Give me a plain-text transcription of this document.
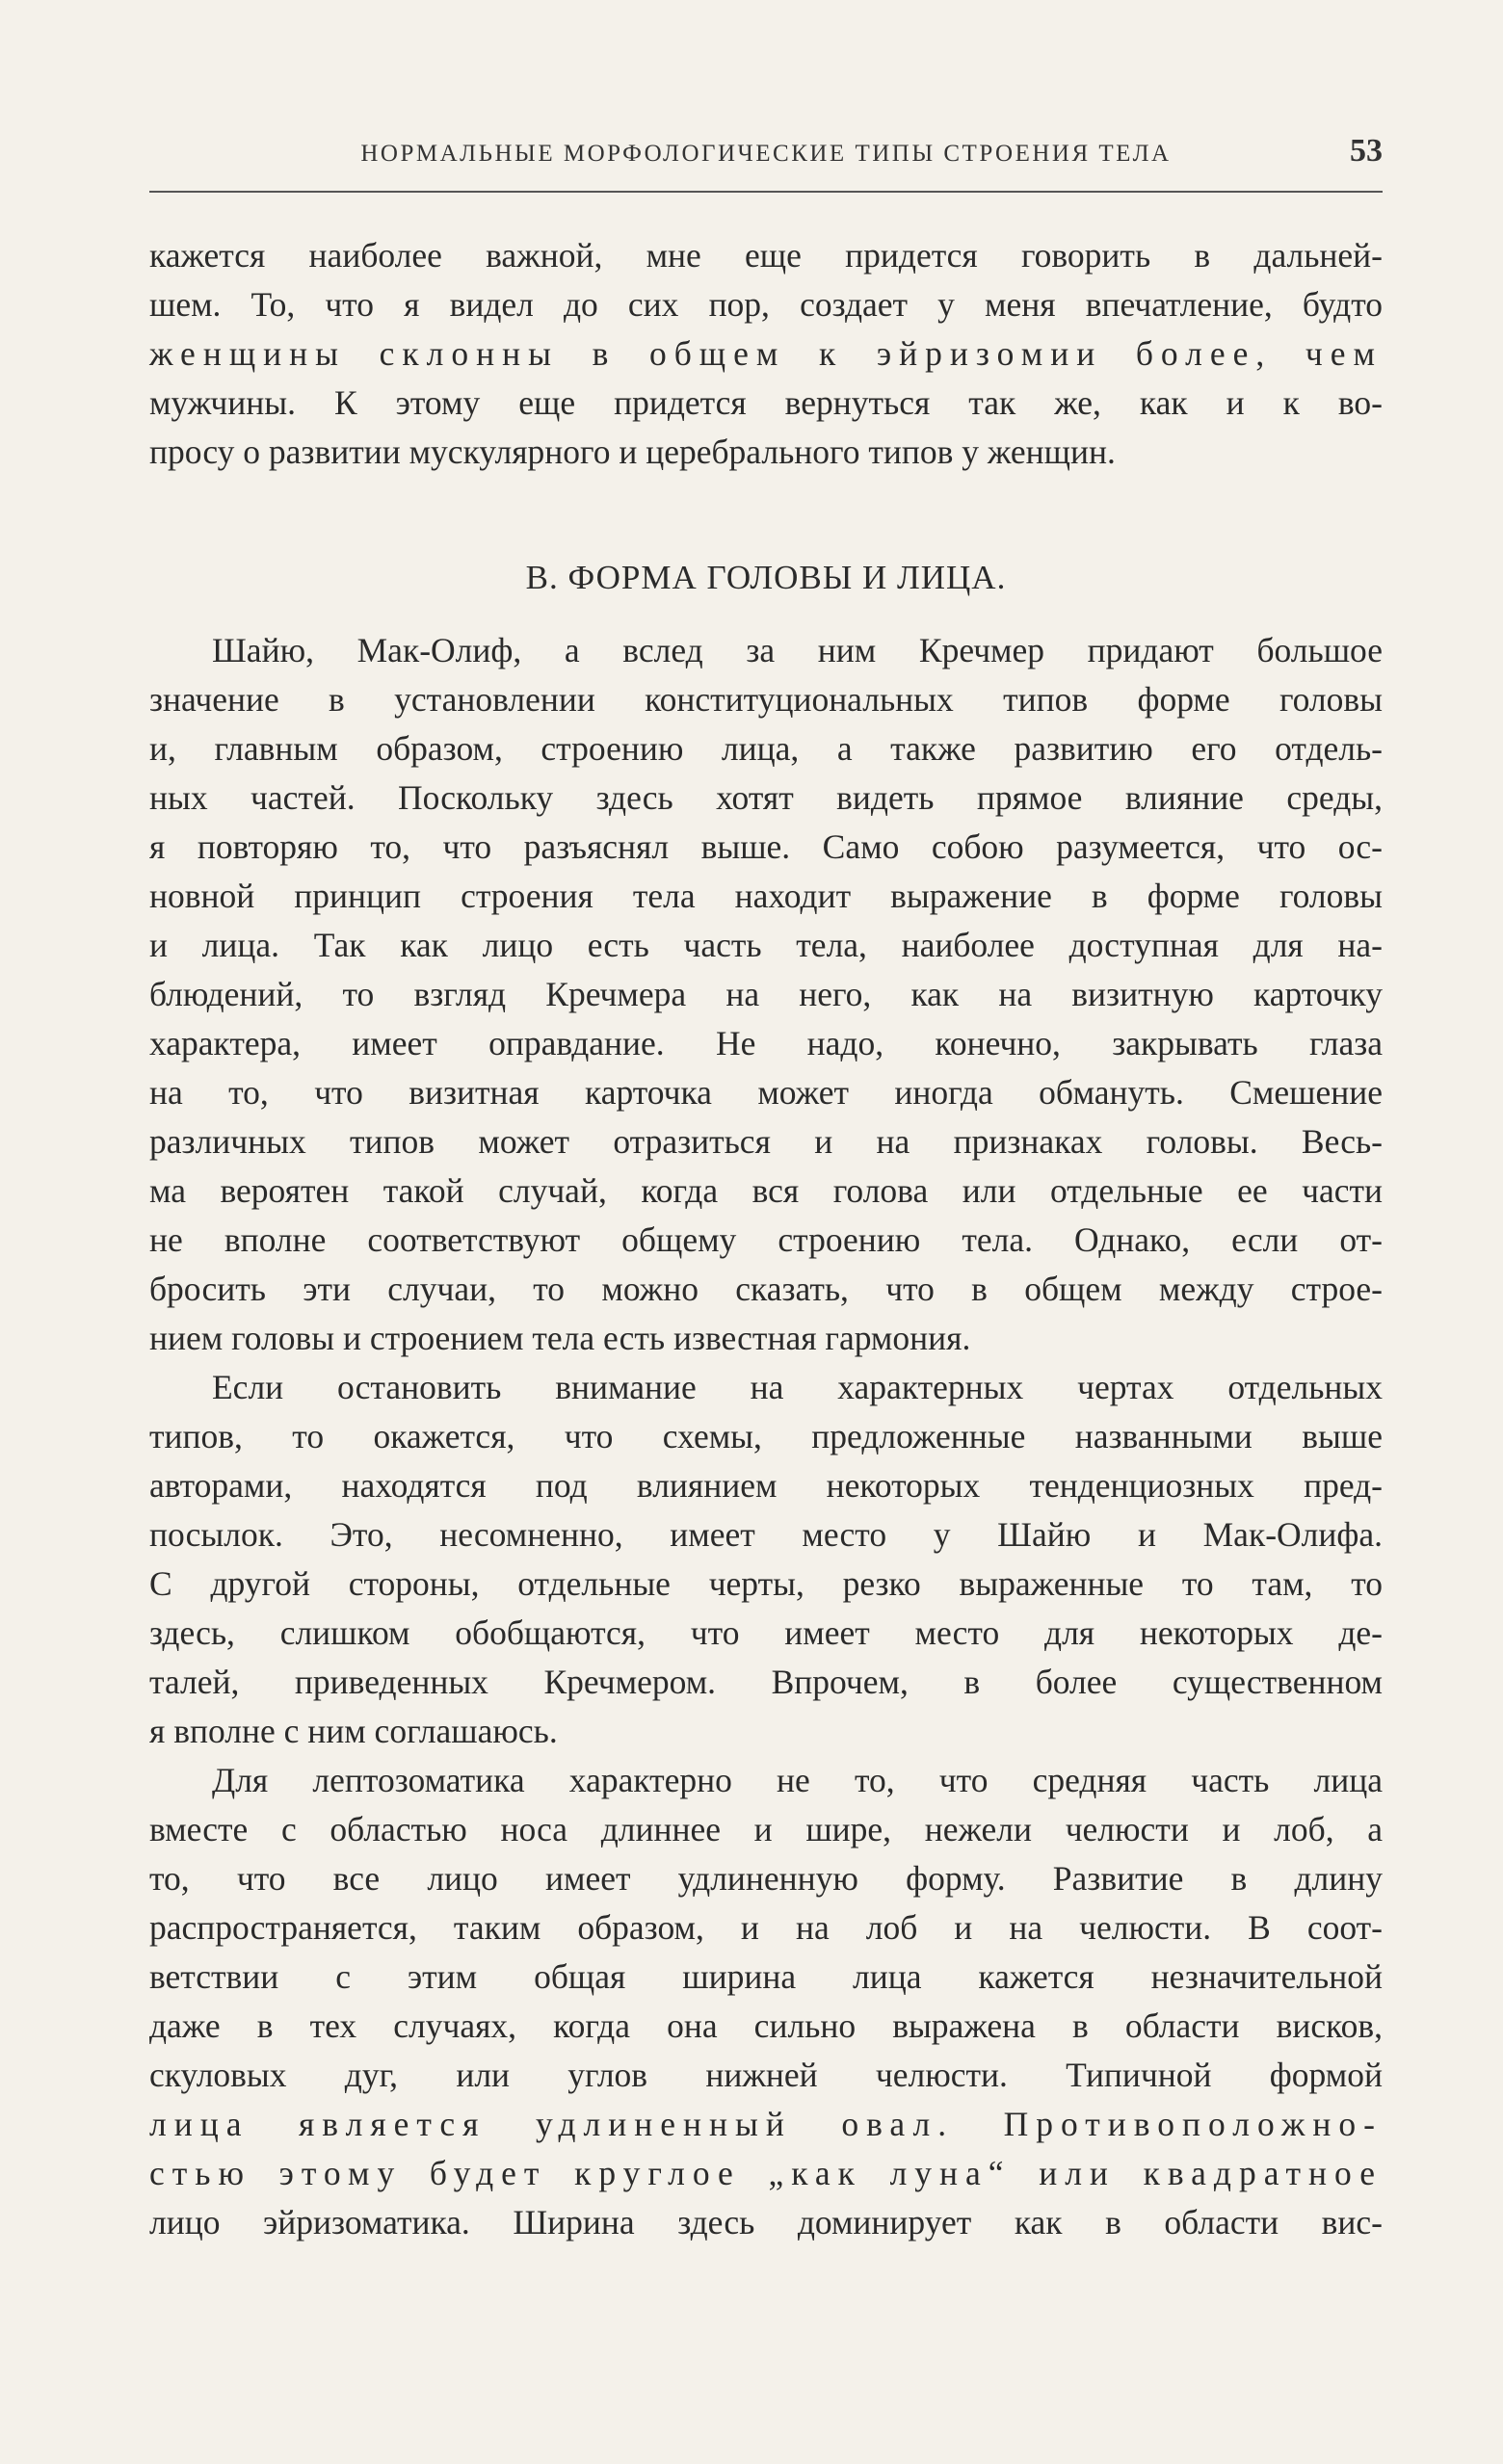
НОРМАЛЬНЫЕ МОРФОЛОГИЧЕСКИЕ ТИПЫ СТРОЕНИЯ ТЕЛА	53
кажется наиболее важной, мне еще придется говорить в дальней-
шем. То, что я видел до сих пор, создает у меня впечатление, будто
женщины склонны в общем к эйризомии более, чем
мужчины. К этому еще придется вернуться так же, как и к во-
просу о развитии мускулярного и церебрального типов у женщин.
В. ФОРМА ГОЛОВЫ И ЛИЦА.
Шайю, Мак-Олиф, а вслед за ним Кречмер придают большое
значение в установлении конституциональных типов форме головы
и, главным образом, строению лица, а также развитию его отдель-
ных частей. Поскольку здесь хотят видеть прямое влияние среды,
я повторяю то, что разъяснял выше. Само собою разумеется, что ос-
новной принцип строения тела находит выражение в форме головы
и лица. Так как лицо есть часть тела, наиболее доступная для на-
блюдений, то взгляд Кречмера на него, как на визитную карточку
характера, имеет оправдание. Не надо, конечно, закрывать глаза
на то, что визитная карточка может иногда обмануть. Смешение
различных типов может отразиться и на признаках головы. Весь-
ма вероятен такой случай, когда вся голова или отдельные ее части
не вполне соответствуют общему строению тела. Однако, если от-
бросить эти случаи, то можно сказать, что в общем между строе-
нием головы и строением тела есть известная гармония.
Если остановить внимание на характерных чертах отдельных
типов, то окажется, что схемы, предложенные названными выше
авторами, находятся под влиянием некоторых тенденциозных пред-
посылок. Это, несомненно, имеет место у Шайю и Мак-Олифа.
С другой стороны, отдельные черты, резко выраженные то там, то
здесь, слишком обобщаются, что имеет место для некоторых де-
талей, приведенных Кречмером. Впрочем, в более существенном
я вполне с ним соглашаюсь.
Для лептозоматика характерно не то, что средняя часть лица
вместе с областью носа длиннее и шире, нежели челюсти и лоб, а
то, что все лицо имеет удлиненную форму. Развитие в длину
распространяется, таким образом, и на лоб и на челюсти. В соот-
ветствии с этим общая ширина лица кажется незначительной
даже в тех случаях, когда она сильно выражена в области висков,
скуловых дуг, или углов нижней челюсти. Типичной формой
лица является удлиненный овал. Противоположно-
стью этому будет круглое „как луна“ или квадратное
лицо эйризоматика. Ширина здесь доминирует как в области вис-
